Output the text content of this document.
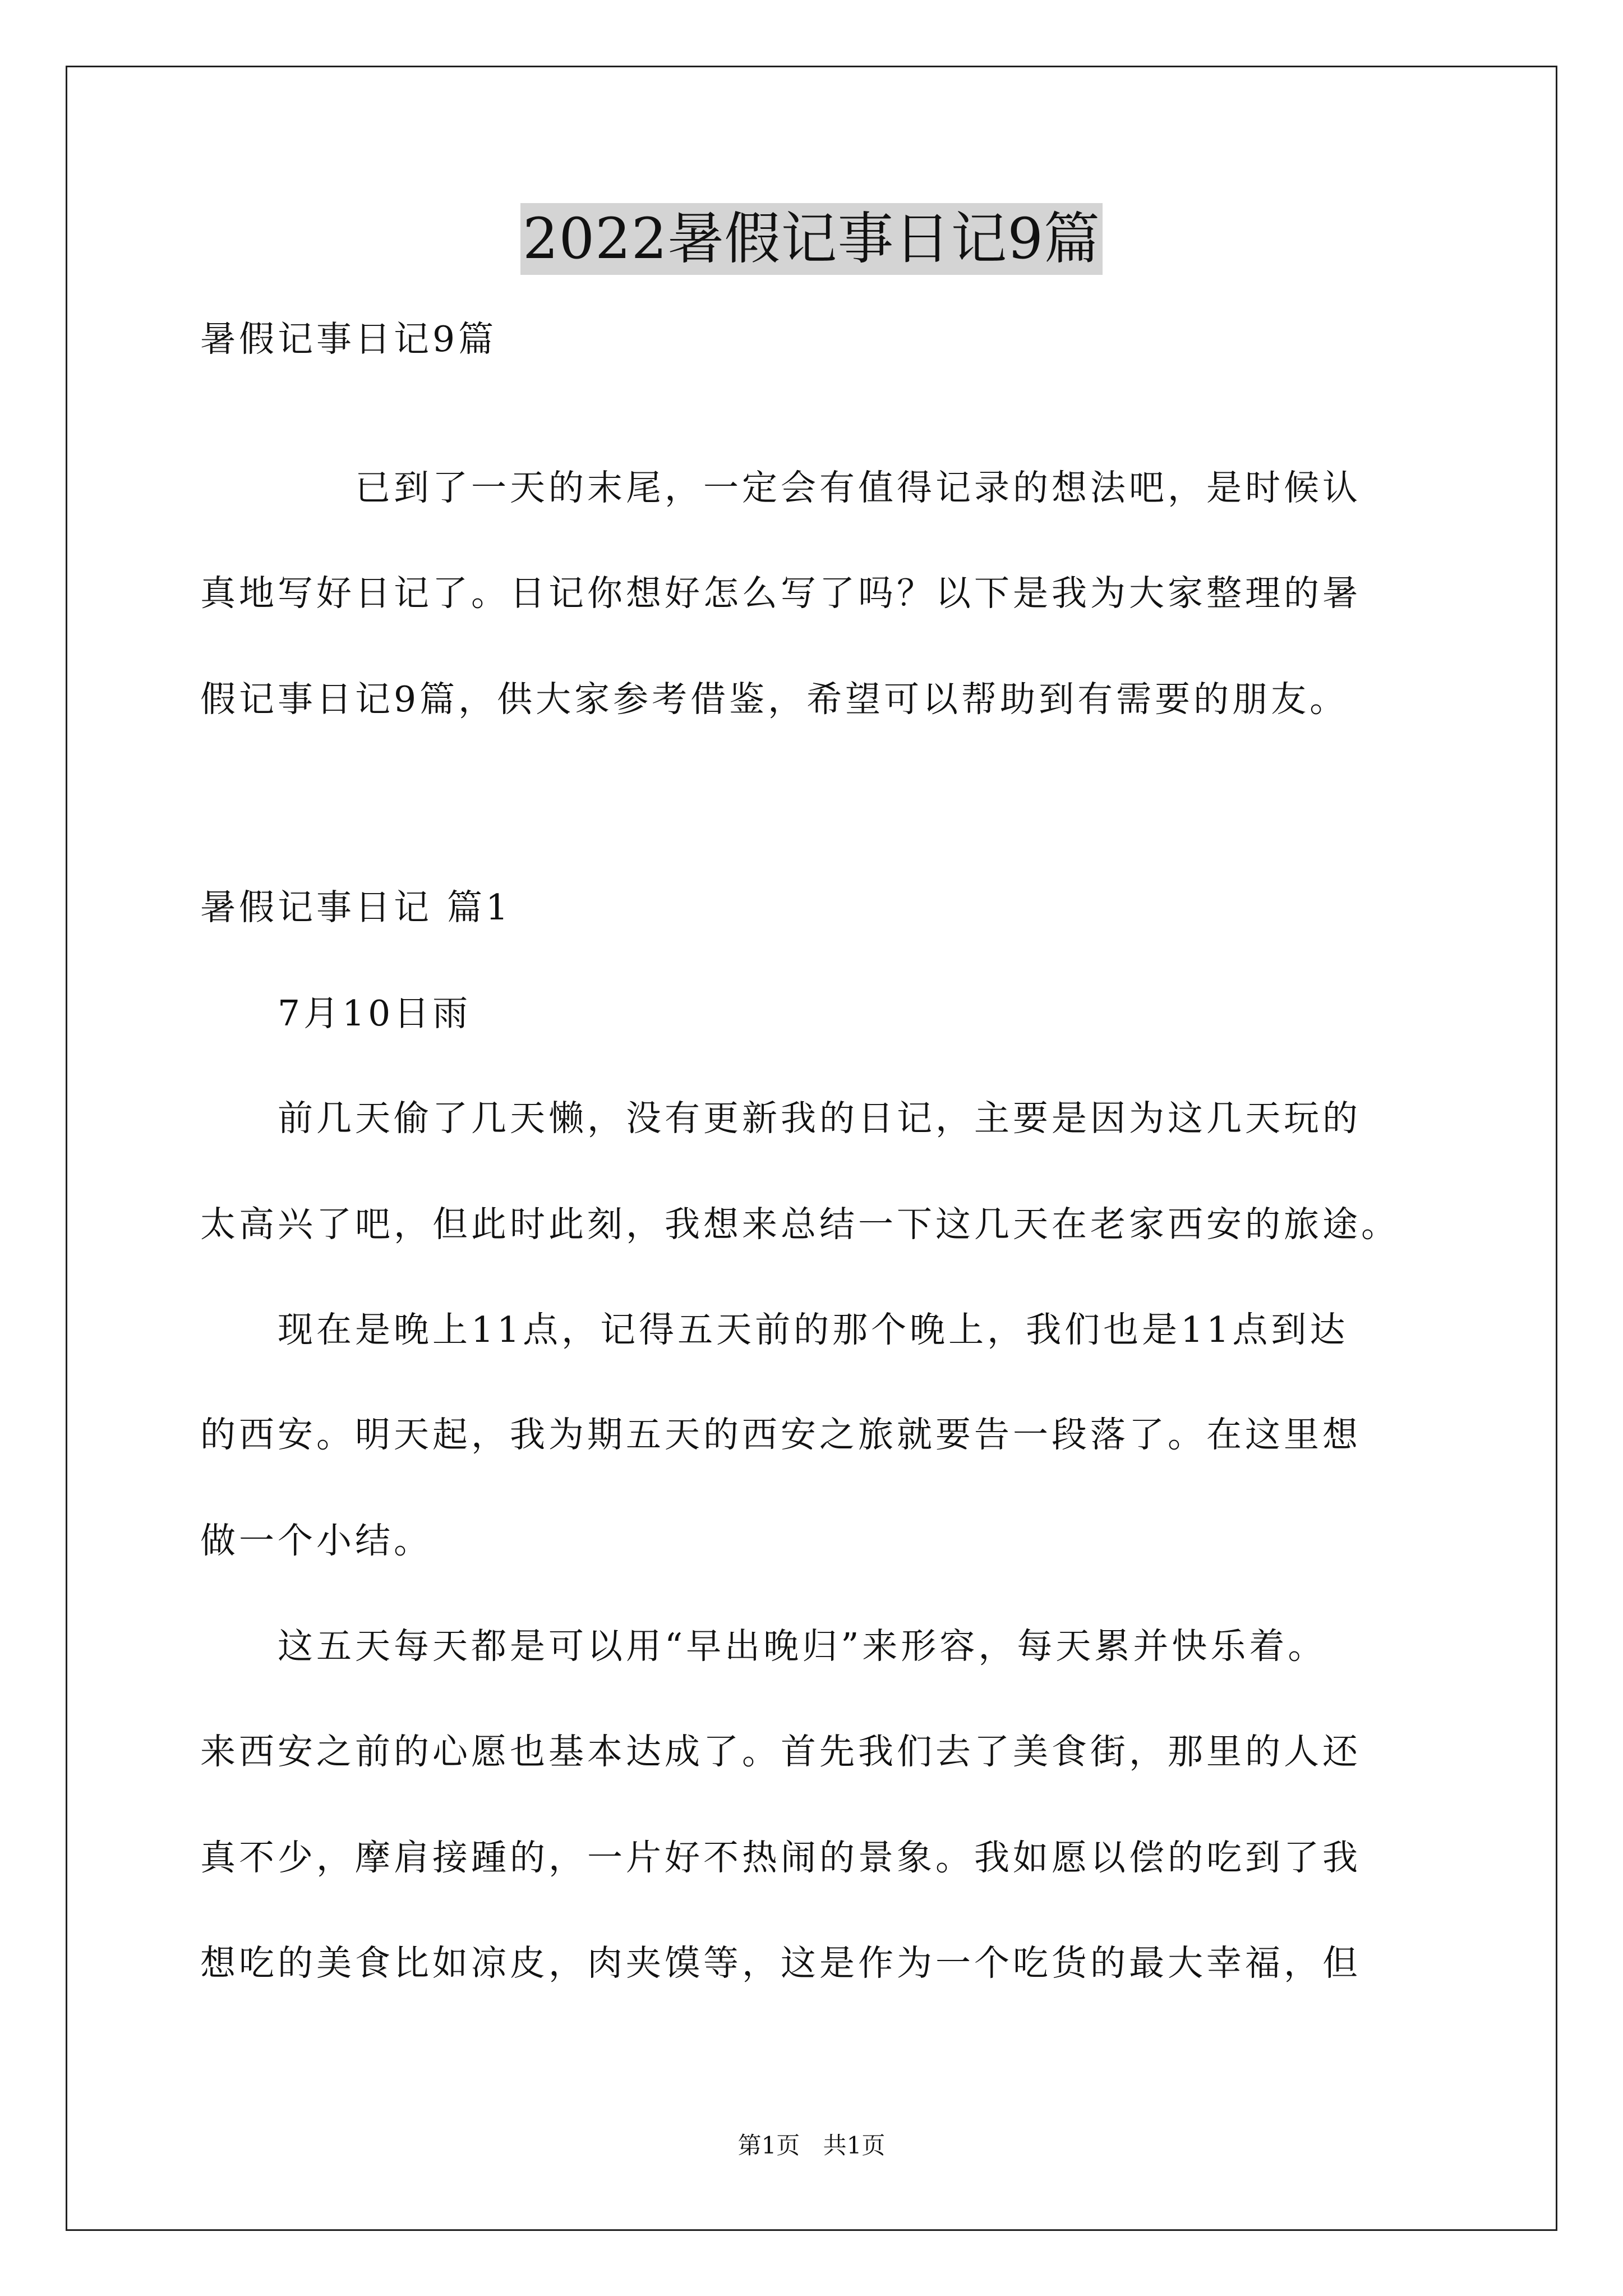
2022暑假记事日记9篇
暑假记事日记9篇
　　　　已到了一天的末尾，一定会有值得记录的想法吧，是时候认
真地写好日记了。日记你想好怎么写了吗？以下是我为大家整理的暑
假记事日记9篇，供大家参考借鉴，希望可以帮助到有需要的朋友。
暑假记事日记 篇1
　　7月10日雨
　　前几天偷了几天懒，没有更新我的日记，主要是因为这几天玩的
太高兴了吧，但此时此刻，我想来总结一下这几天在老家西安的旅途。
　　现在是晚上11点，记得五天前的那个晚上，我们也是11点到达
的西安。明天起，我为期五天的西安之旅就要告一段落了。在这里想
做一个小结。
　　这五天每天都是可以用“早出晚归”来形容，每天累并快乐着。
来西安之前的心愿也基本达成了。首先我们去了美食街，那里的人还
真不少，摩肩接踵的，一片好不热闹的景象。我如愿以偿的吃到了我
想吃的美食比如凉皮，肉夹馍等，这是作为一个吃货的最大幸福，但
第1页 共1页
